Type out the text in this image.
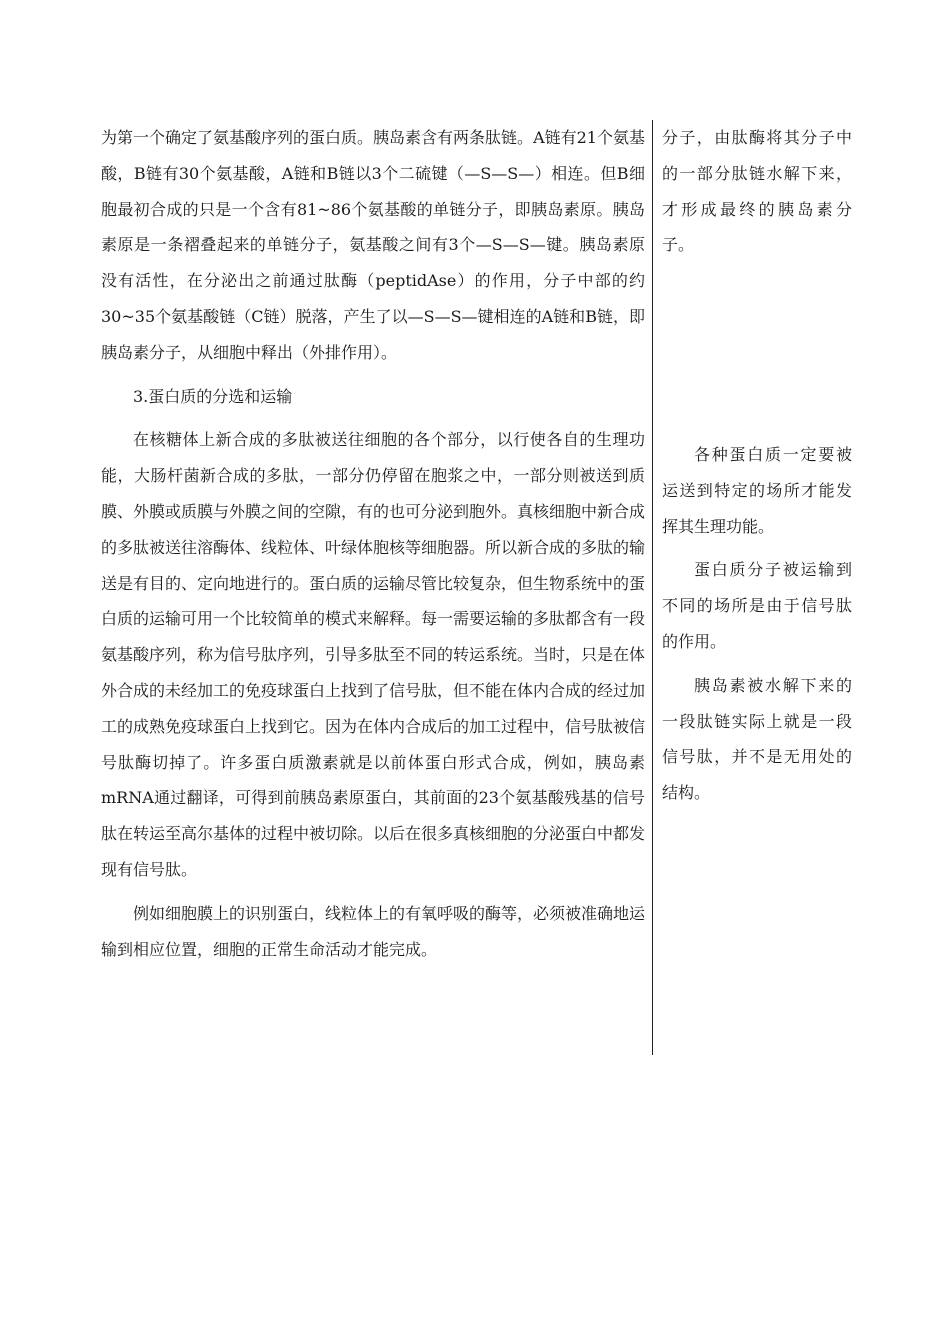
为第一个确定了氨基酸序列的蛋白质。胰岛素含有两条肽链。A链有21个氨基酸，B链有30个氨基酸，A链和B链以3个二硫键（—S—S—）相连。但B细胞最初合成的只是一个含有81~86个氨基酸的单链分子，即胰岛素原。胰岛素原是一条褶叠起来的单链分子，氨基酸之间有3个—S—S—键。胰岛素原没有活性，在分泌出之前通过肽酶（peptidAse）的作用，分子中部的约30~35个氨基酸链（C链）脱落，产生了以—S—S—键相连的A链和B链，即胰岛素分子，从细胞中释出（外排作用）。

3.蛋白质的分选和运输

在核糖体上新合成的多肽被送往细胞的各个部分，以行使各自的生理功能，大肠杆菌新合成的多肽，一部分仍停留在胞浆之中，一部分则被送到质膜、外膜或质膜与外膜之间的空隙，有的也可分泌到胞外。真核细胞中新合成的多肽被送往溶酶体、线粒体、叶绿体胞核等细胞器。所以新合成的多肽的输送是有目的、定向地进行的。蛋白质的运输尽管比较复杂，但生物系统中的蛋白质的运输可用一个比较简单的模式来解释。每一需要运输的多肽都含有一段氨基酸序列，称为信号肽序列，引导多肽至不同的转运系统。当时，只是在体外合成的未经加工的免疫球蛋白上找到了信号肽，但不能在体内合成的经过加工的成熟免疫球蛋白上找到它。因为在体内合成后的加工过程中，信号肽被信号肽酶切掉了。许多蛋白质激素就是以前体蛋白形式合成，例如，胰岛素mRNA通过翻译，可得到前胰岛素原蛋白，其前面的23个氨基酸残基的信号肽在转运至高尔基体的过程中被切除。以后在很多真核细胞的分泌蛋白中都发现有信号肽。

例如细胞膜上的识别蛋白，线粒体上的有氧呼吸的酶等，必须被准确地运输到相应位置，细胞的正常生命活动才能完成。

分子，由肽酶将其分子中的一部分肽链水解下来，才形成最终的胰岛素分子。

各种蛋白质一定要被运送到特定的场所才能发挥其生理功能。

蛋白质分子被运输到不同的场所是由于信号肽的作用。

胰岛素被水解下来的一段肽链实际上就是一段信号肽，并不是无用处的结构。
